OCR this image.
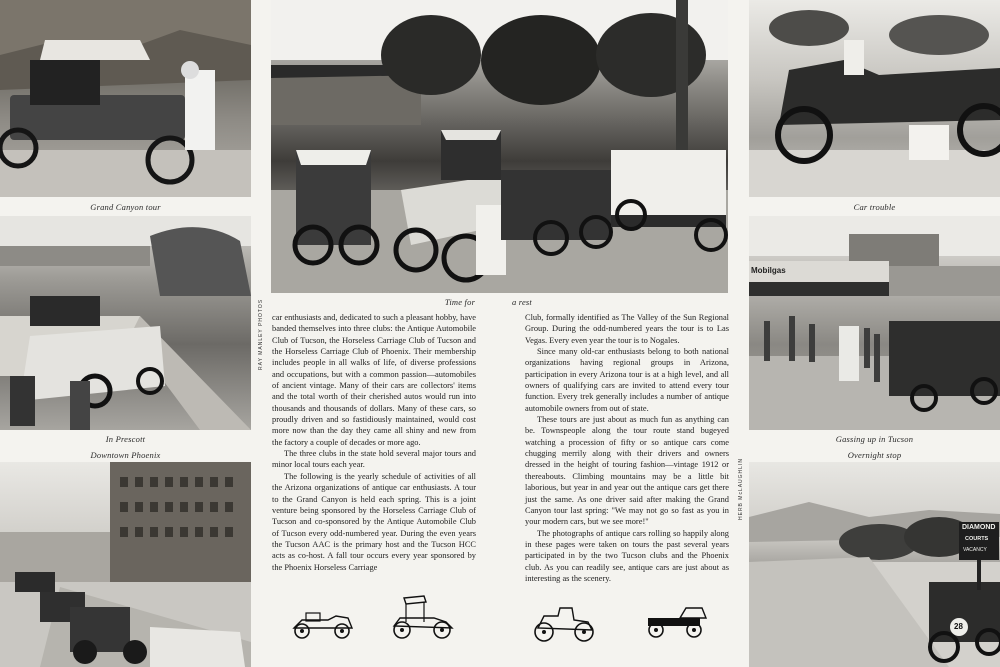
Grand Canyon tour
In Prescott
Downtown Phoenix
RAY MANLEY PHOTOS	Time for	a rest

car enthusiasts and, dedicated to such a pleasant hobby, have banded themselves into three clubs: the Antique Automobile Club of Tucson, the Horseless Carriage Club of Tucson and the Horseless Carriage Club of Phoenix. Their membership includes people in all walks of life, of diverse professions and occupations, but with a common passion—automobiles of ancient vintage. Many of their cars are collectors' items and the total worth of their cherished autos would run into thousands and thousands of dollars. Many of these cars, so proudly driven and so fastidiously maintained, would cost more now than the day they came all shiny and new from the factory a couple of decades or more ago.

The three clubs in the state hold several major tours and minor local tours each year.

The following is the yearly schedule of activities of all the Arizona organizations of antique car enthusiasts. A tour to the Grand Canyon is held each spring. This is a joint venture being sponsored by the Horseless Carriage Club of Tucson and co-sponsored by the Antique Automobile Club of Tucson every odd-numbered year. During the even years the Tucson AAC is the primary host and the Tucson HCC acts as co-host. A fall tour occurs every year sponsored by the Phoenix Horseless Carriage

Club, formally identified as The Valley of the Sun Regional Group. During the odd-numbered years the tour is to Las Vegas. Every even year the tour is to Nogales.

Since many old-car enthusiasts belong to both national organizations having regional groups in Arizona, participation in every Arizona tour is at a high level, and all owners of qualifying cars are invited to attend every tour function. Every trek generally includes a number of antique automobile owners from out of state.

These tours are just about as much fun as anything can be. Townspeople along the tour route stand bugeyed watching a procession of fifty or so antique cars come chugging merrily along with their drivers and owners dressed in the height of touring fashion—vintage 1912 or thereabouts. Climbing mountains may be a little bit laborious, but year in and year out the antique cars get there just the same. As one driver said after making the Grand Canyon tour last spring: "We may not go so fast as you in your modern cars, but we see more!"

The photographs of antique cars rolling so happily along in these pages were taken on tours the past several years participated in by the two Tucson clubs and the Phoenix club. As you can readily see, antique cars are just about as interesting as the scenery.

Car trouble
Mobilgas
Gassing up in Tucson
Overnight stop
DIAMOND
COURTS
VACANCY
28
HERB McLAUGHLIN
